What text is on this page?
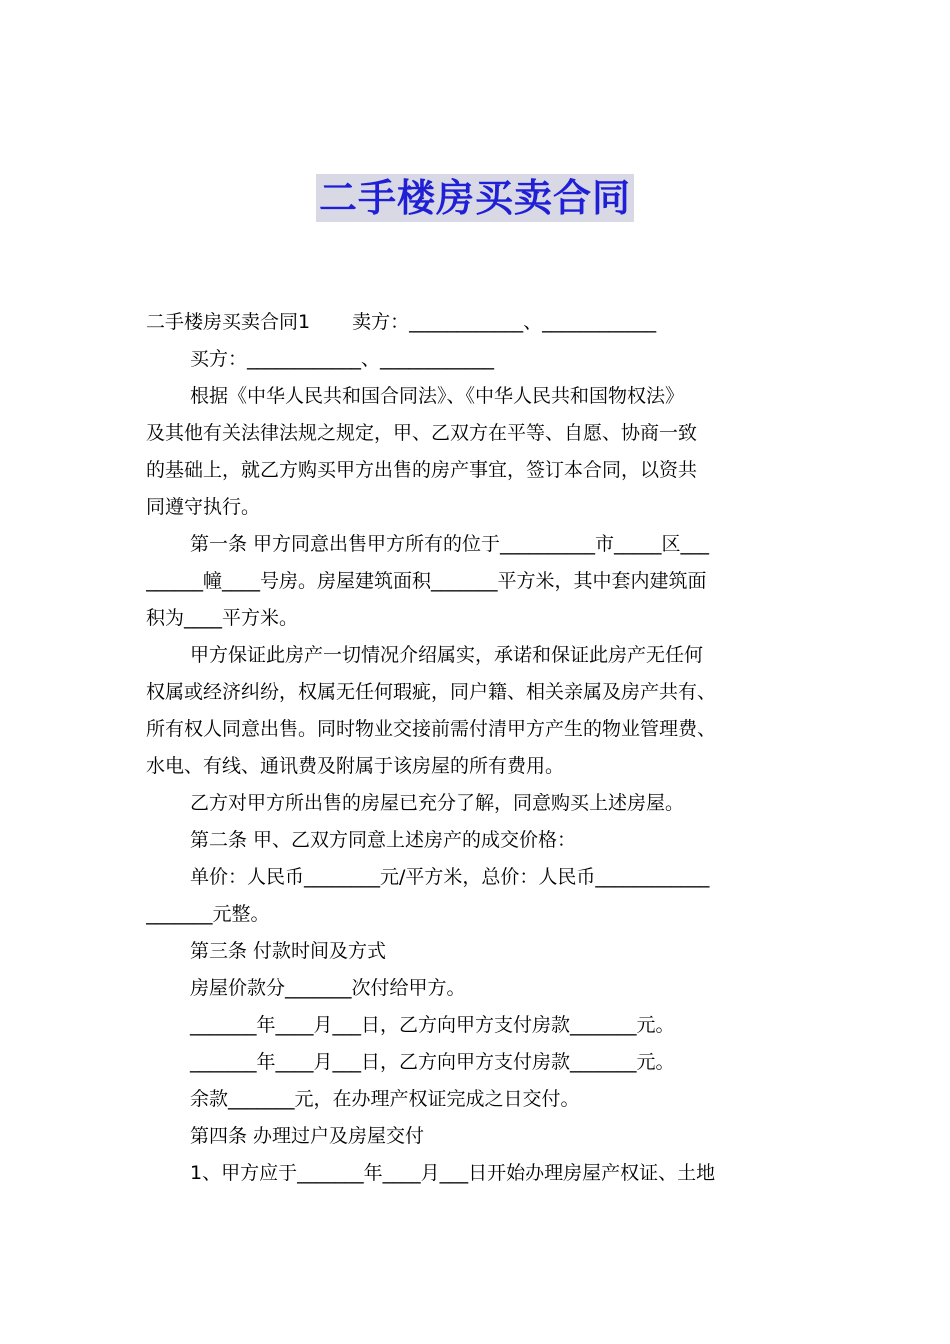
二手楼房买卖合同
二手楼房买卖合同1 卖方：____________、____________
买方：____________、____________
根据《中华人民共和国合同法》、《中华人民共和国物权法》
及其他有关法律法规之规定，甲、乙双方在平等、自愿、协商一致
的基础上，就乙方购买甲方出售的房产事宜，签订本合同，以资共
同遵守执行。
第一条 甲方同意出售甲方所有的位于__________市_____区___
______幢____号房。房屋建筑面积_______平方米，其中套内建筑面
积为____平方米。
甲方保证此房产一切情况介绍属实，承诺和保证此房产无任何
权属或经济纠纷，权属无任何瑕疵，同户籍、相关亲属及房产共有、
所有权人同意出售。同时物业交接前需付清甲方产生的物业管理费、
水电、有线、通讯费及附属于该房屋的所有费用。
乙方对甲方所出售的房屋已充分了解，同意购买上述房屋。
第二条 甲、乙双方同意上述房产的成交价格：
单价：人民币________元/平方米，总价：人民币____________
_______元整。
第三条 付款时间及方式
房屋价款分_______次付给甲方。
_______年____月___日，乙方向甲方支付房款_______元。
_______年____月___日，乙方向甲方支付房款_______元。
余款_______元，在办理产权证完成之日交付。
第四条 办理过户及房屋交付
1、甲方应于_______年____月___日开始办理房屋产权证、土地
